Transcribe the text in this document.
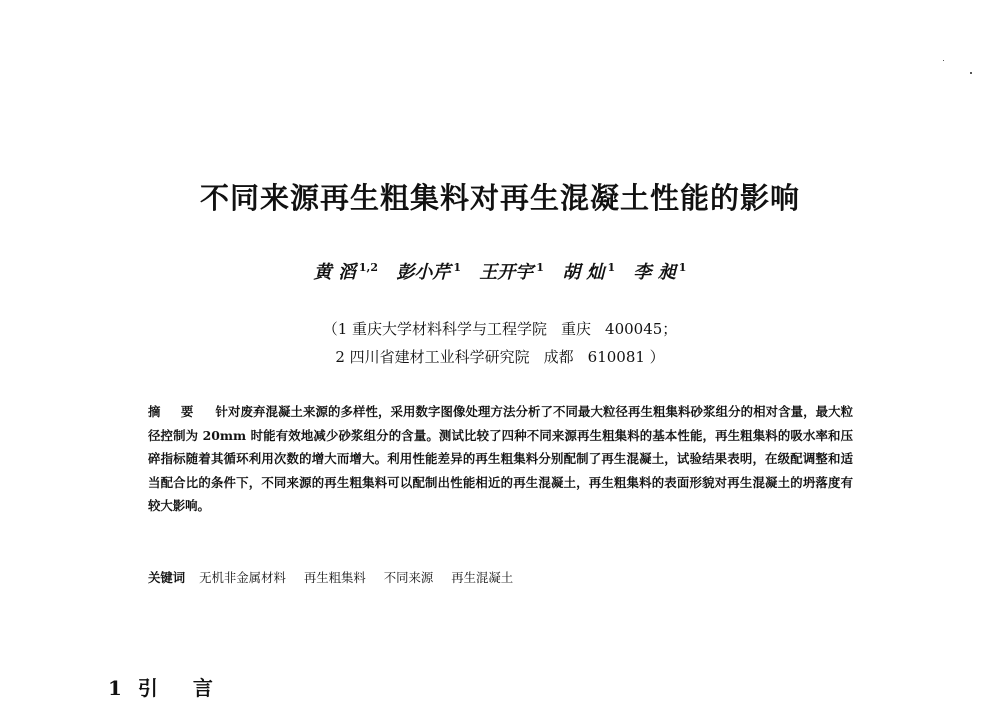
不同来源再生粗集料对再生混凝土性能的影响
黄 滔 $^{1,2}$ 彭小芹 $^1$ 王开宇 $^1$ 胡 灿 $^1$ 李 昶 $^1$

（1 重庆大学材料科学与工程学院 重庆 400045；

2 四川省建材工业科学研究院 成都 610081 ）

摘 要 针对废弃混凝土来源的多样性，采用数字图像处理方法分析了不同最大粒径再生粗集料砂浆组分的相对含量，最大粒径控制为 20mm 时能有效地减少砂浆组分的含量。测试比较了四种不同来源再生粗集料的基本性能，再生粗集料的吸水率和压碎指标随着其循环利用次数的增大而增大。利用性能差异的再生粗集料分别配制了再生混凝土，试验结果表明，在级配调整和适当配合比的条件下，不同来源的再生粗集料可以配制出性能相近的再生混凝土，再生粗集料的表面形貌对再生混凝土的坍落度有较大影响。

关键词 无机非金属材料 再生粗集料 不同来源 再生混凝土

1 引 言
